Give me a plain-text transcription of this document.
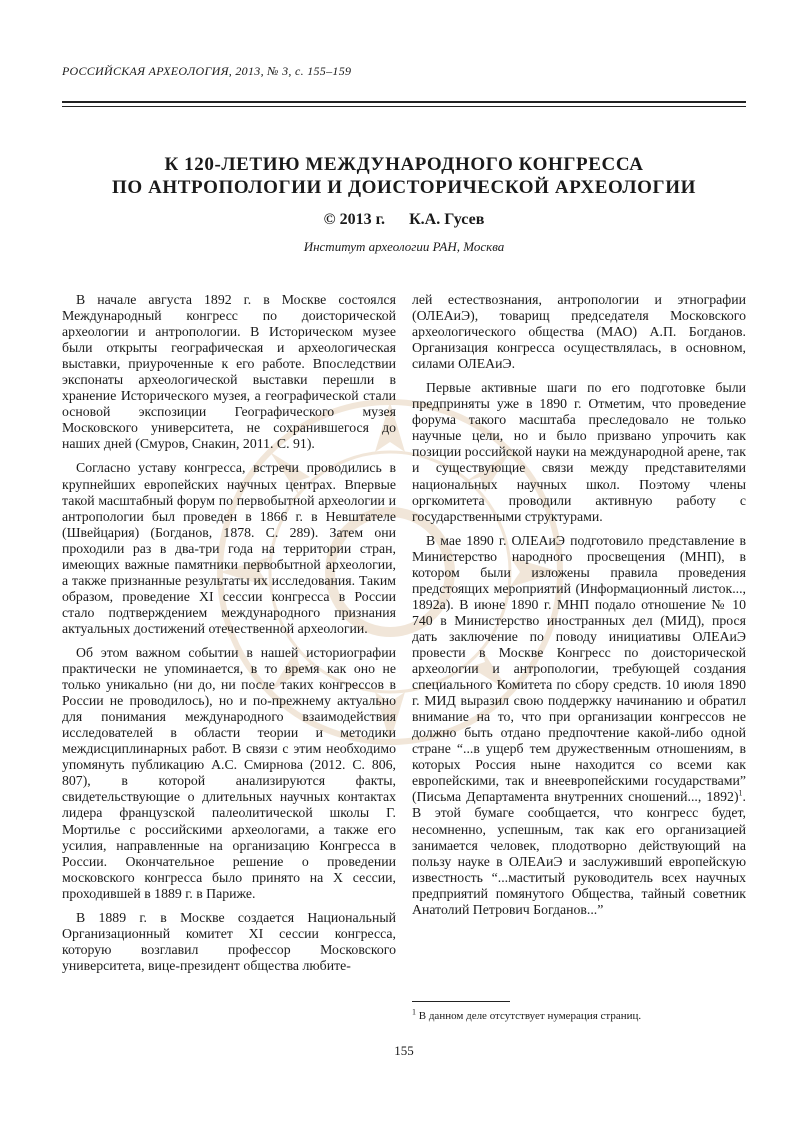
РОССИЙСКАЯ АРХЕОЛОГИЯ, 2013, № 3, с. 155–159
К 120-ЛЕТИЮ МЕЖДУНАРОДНОГО КОНГРЕССА
ПО АНТРОПОЛОГИИ И ДОИСТОРИЧЕСКОЙ АРХЕОЛОГИИ
© 2013 г. К.А. Гусев
Институт археологии РАН, Москва

В начале августа 1892 г. в Москве состоялся Международный конгресс по доисторической археологии и антропологии. В Историческом музее были открыты географическая и археологическая выставки, приуроченные к его работе. Впоследствии экспонаты археологической выставки перешли в хранение Исторического музея, а географической стали основой экспозиции Географического музея Московского университета, не сохранившегося до наших дней (Смуров, Снакин, 2011. С. 91).

Согласно уставу конгресса, встречи проводились в крупнейших европейских научных центрах. Впервые такой масштабный форум по первобытной археологии и антропологии был проведен в 1866 г. в Невштателе (Швейцария) (Богданов, 1878. С. 289). Затем они проходили раз в два-три года на территории стран, имеющих важные памятники первобытной археологии, а также признанные результаты их исследования. Таким образом, проведение XI сессии конгресса в России стало подтверждением международного признания актуальных достижений отечественной археологии.

Об этом важном событии в нашей историографии практически не упоминается, в то время как оно не только уникально (ни до, ни после таких конгрессов в России не проводилось), но и по-прежнему актуально для понимания международного взаимодействия исследователей в области теории и методики междисциплинарных работ. В связи с этим необходимо упомянуть публикацию А.С. Смирнова (2012. С. 806, 807), в которой анализируются факты, свидетельствующие о длительных научных контактах лидера французской палеолитической школы Г. Мортилье с российскими археологами, а также его усилия, направленные на организацию Конгресса в России. Окончательное решение о проведении московского конгресса было принято на X сессии, проходившей в 1889 г. в Париже.

В 1889 г. в Москве создается Национальный Организационный комитет XI сессии конгресса, которую возглавил профессор Московского университета, вице-президент общества любите-

лей естествознания, антропологии и этнографии (ОЛЕАиЭ), товарищ председателя Московского археологического общества (МАО) А.П. Богданов. Организация конгресса осуществлялась, в основном, силами ОЛЕАиЭ.

Первые активные шаги по его подготовке были предприняты уже в 1890 г. Отметим, что проведение форума такого масштаба преследовало не только научные цели, но и было призвано упрочить как позиции российской науки на международной арене, так и существующие связи между представителями национальных научных школ. Поэтому члены оргкомитета проводили активную работу с государственными структурами.

В мае 1890 г. ОЛЕАиЭ подготовило представление в Министерство народного просвещения (МНП), в котором были изложены правила проведения предстоящих мероприятий (Информационный листок..., 1892а). В июне 1890 г. МНП подало отношение № 10 740 в Министерство иностранных дел (МИД), прося дать заключение по поводу инициативы ОЛЕАиЭ провести в Москве Конгресс по доисторической археологии и антропологии, требующей создания специального Комитета по сбору средств. 10 июля 1890 г. МИД выразил свою поддержку начинанию и обратил внимание на то, что при организации конгрессов не должно быть отдано предпочтение какой-либо одной стране “...в ущерб тем дружественным отношениям, в которых Россия ныне находится со всеми как европейскими, так и внеевропейскими государствами” (Письма Департамента внутренних сношений..., 1892)$^1$. В этой бумаге сообщается, что конгресс будет, несомненно, успешным, так как его организацией занимается человек, плодотворно действующий на пользу науке в ОЛЕАиЭ и заслуживший европейскую известность “...маститый руководитель всех научных предприятий помянутого Общества, тайный советник Анатолий Петрович Богданов...”

$^1$ В данном деле отсутствует нумерация страниц.
155
